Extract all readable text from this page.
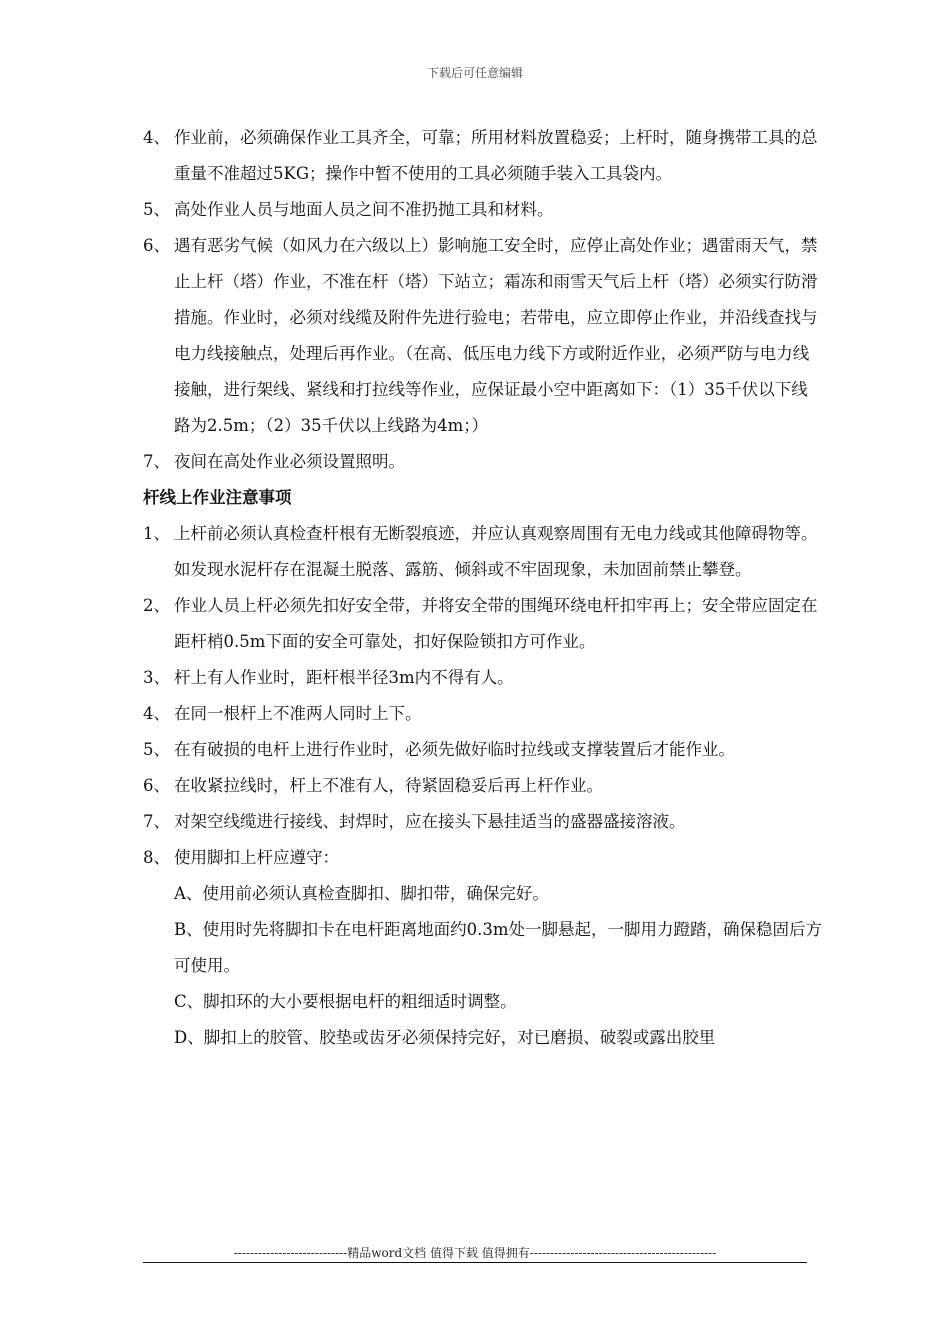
下载后可任意编辑
4、 作业前，必须确保作业工具齐全，可靠；所用材料放置稳妥；上杆时，随身携带工具的总重量不准超过5KG；操作中暂不使用的工具必须随手装入工具袋内。
5、 高处作业人员与地面人员之间不准扔抛工具和材料。
6、 遇有恶劣气候（如风力在六级以上）影响施工安全时，应停止高处作业；遇雷雨天气，禁止上杆（塔）作业，不准在杆（塔）下站立；霜冻和雨雪天气后上杆（塔）必须实行防滑措施。作业时，必须对线缆及附件先进行验电；若带电，应立即停止作业，并沿线查找与电力线接触点，处理后再作业。（在高、低压电力线下方或附近作业，必须严防与电力线接触，进行架线、紧线和打拉线等作业，应保证最小空中距离如下：（1）35千伏以下线路为2.5m；（2）35千伏以上线路为4m；）
7、 夜间在高处作业必须设置照明。
杆线上作业注意事项
1、 上杆前必须认真检查杆根有无断裂痕迹，并应认真观察周围有无电力线或其他障碍物等。如发现水泥杆存在混凝土脱落、露筋、倾斜或不牢固现象，未加固前禁止攀登。
2、 作业人员上杆必须先扣好安全带，并将安全带的围绳环绕电杆扣牢再上；安全带应固定在距杆梢0.5m下面的安全可靠处，扣好保险锁扣方可作业。
3、 杆上有人作业时，距杆根半径3m内不得有人。
4、 在同一根杆上不准两人同时上下。
5、 在有破损的电杆上进行作业时，必须先做好临时拉线或支撑装置后才能作业。
6、 在收紧拉线时，杆上不准有人，待紧固稳妥后再上杆作业。
7、 对架空线缆进行接线、封焊时，应在接头下悬挂适当的盛器盛接溶液。
8、 使用脚扣上杆应遵守：
A、使用前必须认真检查脚扣、脚扣带，确保完好。
B、使用时先将脚扣卡在电杆距离地面约0.3m处一脚悬起，一脚用力蹬踏，确保稳固后方可使用。
C、脚扣环的大小要根据电杆的粗细适时调整。
D、脚扣上的胶管、胶垫或齿牙必须保持完好，对已磨损、破裂或露出胶里
----------------------------精品word文档 值得下载 值得拥有----------------------------------------------
